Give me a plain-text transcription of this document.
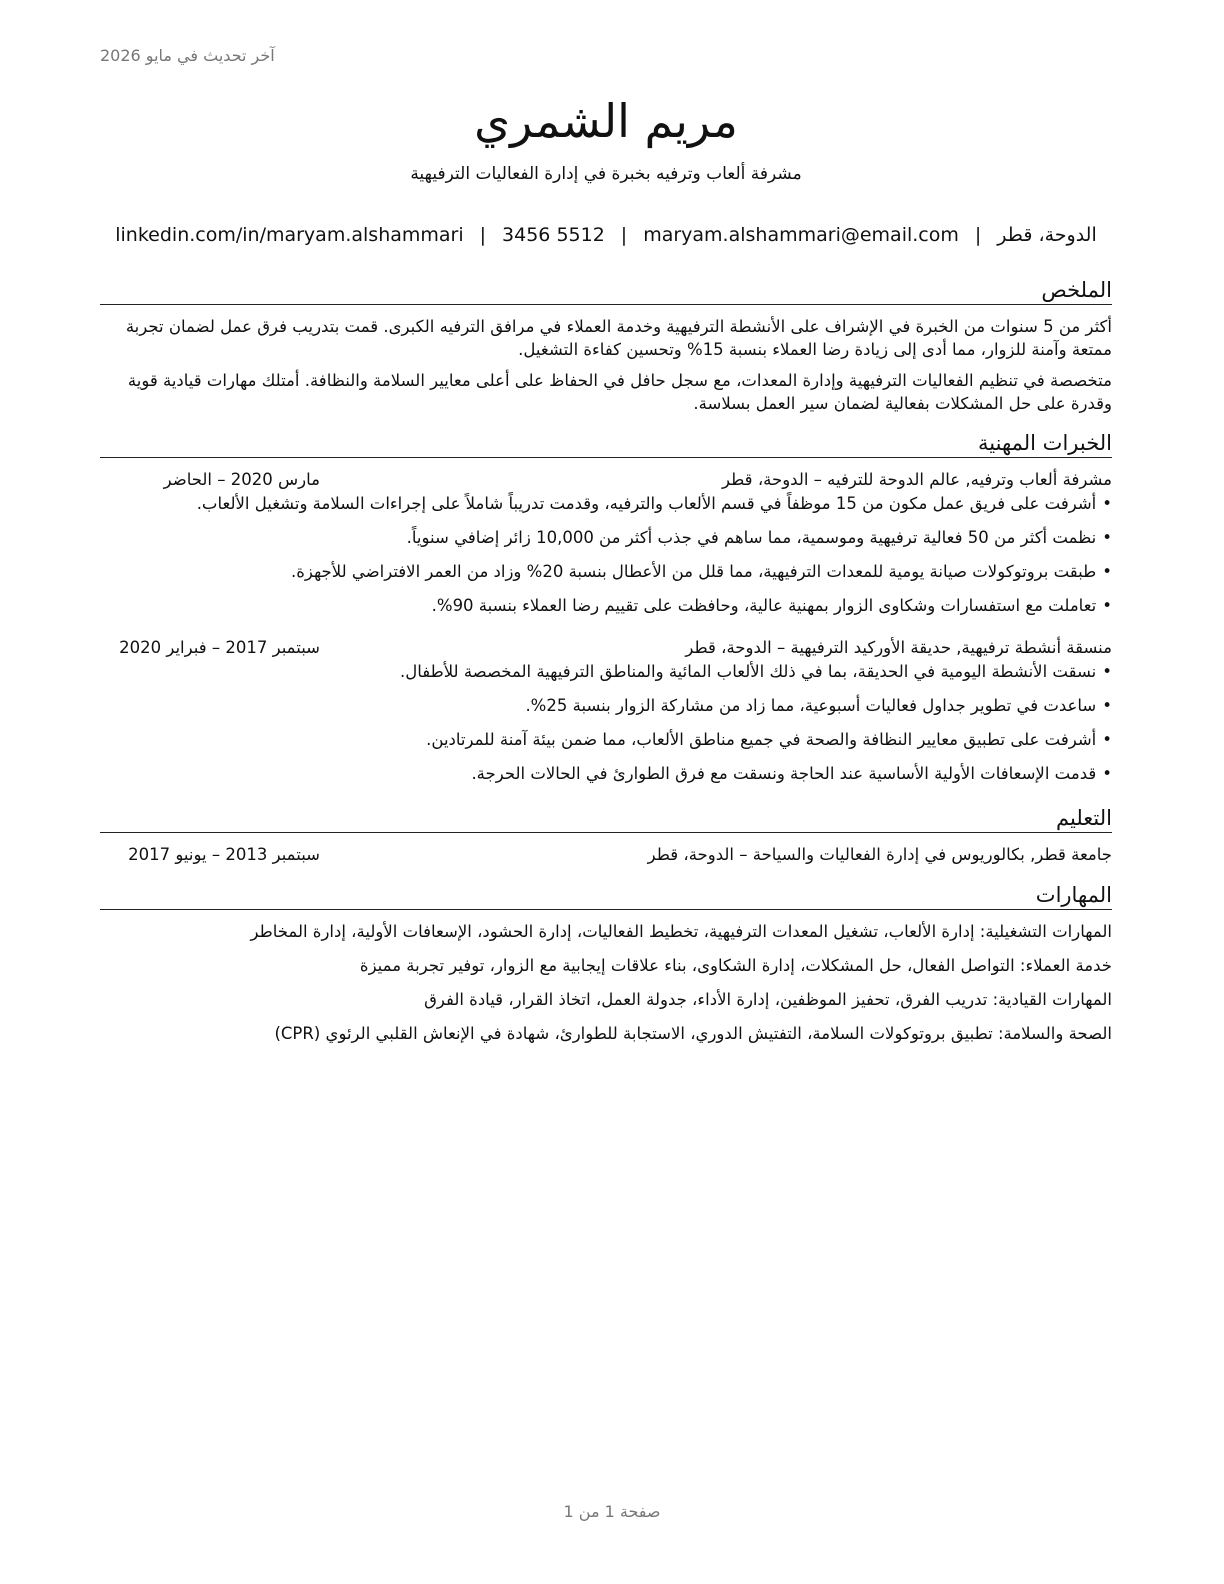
آخر تحديث في مايو 2026
مريم الشمري
مشرفة ألعاب وترفيه بخبرة في إدارة الفعاليات الترفيهية
الدوحة، قطر
|
maryam.alshammari@email.com
|
3456 5512
|
linkedin.com/in/maryam.alshammari
الملخص

أكثر من 5 سنوات من الخبرة في الإشراف على الأنشطة الترفيهية وخدمة العملاء في مرافق الترفيه الكبرى. قمت بتدريب فرق عمل لضمان تجربة ممتعة وآمنة للزوار، مما أدى إلى زيادة رضا العملاء بنسبة 15% وتحسين كفاءة التشغيل.

متخصصة في تنظيم الفعاليات الترفيهية وإدارة المعدات، مع سجل حافل في الحفاظ على أعلى معايير السلامة والنظافة. أمتلك مهارات قيادية قوية وقدرة على حل المشكلات بفعالية لضمان سير العمل بسلاسة.

الخبرات المهنية
مشرفة ألعاب وترفيه, عالم الدوحة للترفيه – الدوحة، قطر
مارس 2020 – الحاضر
•أشرفت على فريق عمل مكون من 15 موظفاً في قسم الألعاب والترفيه، وقدمت تدريباً شاملاً على إجراءات السلامة وتشغيل الألعاب.
•نظمت أكثر من 50 فعالية ترفيهية وموسمية، مما ساهم في جذب أكثر من 10,000 زائر إضافي سنوياً.
•طبقت بروتوكولات صيانة يومية للمعدات الترفيهية، مما قلل من الأعطال بنسبة 20% وزاد من العمر الافتراضي للأجهزة.
•تعاملت مع استفسارات وشكاوى الزوار بمهنية عالية، وحافظت على تقييم رضا العملاء بنسبة 90%.
منسقة أنشطة ترفيهية, حديقة الأوركيد الترفيهية – الدوحة، قطر
سبتمبر 2017 – فبراير 2020
•نسقت الأنشطة اليومية في الحديقة، بما في ذلك الألعاب المائية والمناطق الترفيهية المخصصة للأطفال.
•ساعدت في تطوير جداول فعاليات أسبوعية، مما زاد من مشاركة الزوار بنسبة 25%.
•أشرفت على تطبيق معايير النظافة والصحة في جميع مناطق الألعاب، مما ضمن بيئة آمنة للمرتادين.
•قدمت الإسعافات الأولية الأساسية عند الحاجة ونسقت مع فرق الطوارئ في الحالات الحرجة.
التعليم
جامعة قطر, بكالوريوس في إدارة الفعاليات والسياحة – الدوحة، قطر
سبتمبر 2013 – يونيو 2017
المهارات
المهارات التشغيلية: إدارة الألعاب، تشغيل المعدات الترفيهية، تخطيط الفعاليات، إدارة الحشود، الإسعافات الأولية، إدارة المخاطر
خدمة العملاء: التواصل الفعال، حل المشكلات، إدارة الشكاوى، بناء علاقات إيجابية مع الزوار، توفير تجربة مميزة
المهارات القيادية: تدريب الفرق، تحفيز الموظفين، إدارة الأداء، جدولة العمل، اتخاذ القرار، قيادة الفرق
الصحة والسلامة: تطبيق بروتوكولات السلامة، التفتيش الدوري، الاستجابة للطوارئ، شهادة في الإنعاش القلبي الرئوي (CPR)
صفحة 1 من 1
